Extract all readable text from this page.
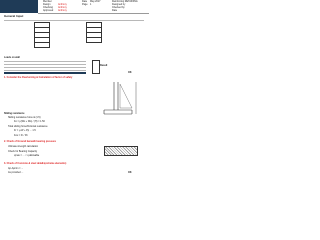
Member
Design
Checking
Approved
Anthony
Anthony
Anthony
Date May 2017
Page 1
Reinforcing RETAINING
Designed by
Checked by
Date
General Input
Loads on wall
Result
OK
1. Consider the Overturning & Calculation of factor of safety
Sliding resistance
Sliding resistance force & (1.5)
Fo = μ(Wc + Ws) / (H) = 1.50
Total sliding force/frictional resistance
Fr = μ·W + Pp ... 1.5
Fos = Fr / Fh
2. Check of Ground beneath bearing pressure
Ultimate strength calculation
Check for Bearing Capacity
qmax = ... < q allowable
3. Check of Concrete & steel details(extreme elements)
Ap-Apmin = ...
As provided ...	OK
